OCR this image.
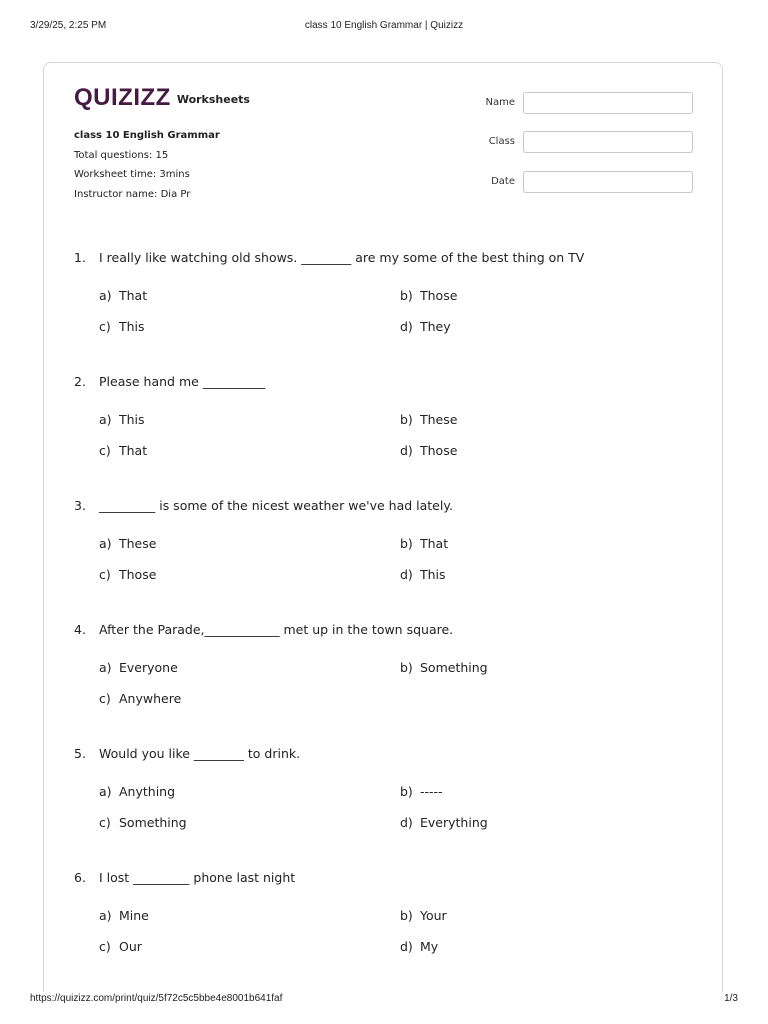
3/29/25, 2:25 PM	class 10 English Grammar | Quizizz
QUIZIZZ Worksheets
class 10 English Grammar
Total questions: 15
Worksheet time: 3mins
Instructor name: Dia Pr
Name
Class
Date
1.	I really like watching old shows. ________ are my some of the best thing on TV
a) That	b) Those
c) This	d) They
2.	Please hand me __________
a) This	b) These
c) That	d) Those
3.	_________ is some of the nicest weather we've had lately.
a) These	b) That
c) Those	d) This
4.	After the Parade,____________ met up in the town square.
a) Everyone	b) Something
c) Anywhere
5.	Would you like ________ to drink.
a) Anything	b) -----
c) Something	d) Everything
6.	I lost _________ phone last night
a) Mine	b) Your
c) Our	d) My
https://quizizz.com/print/quiz/5f72c5c5bbe4e8001b641faf	1/3
